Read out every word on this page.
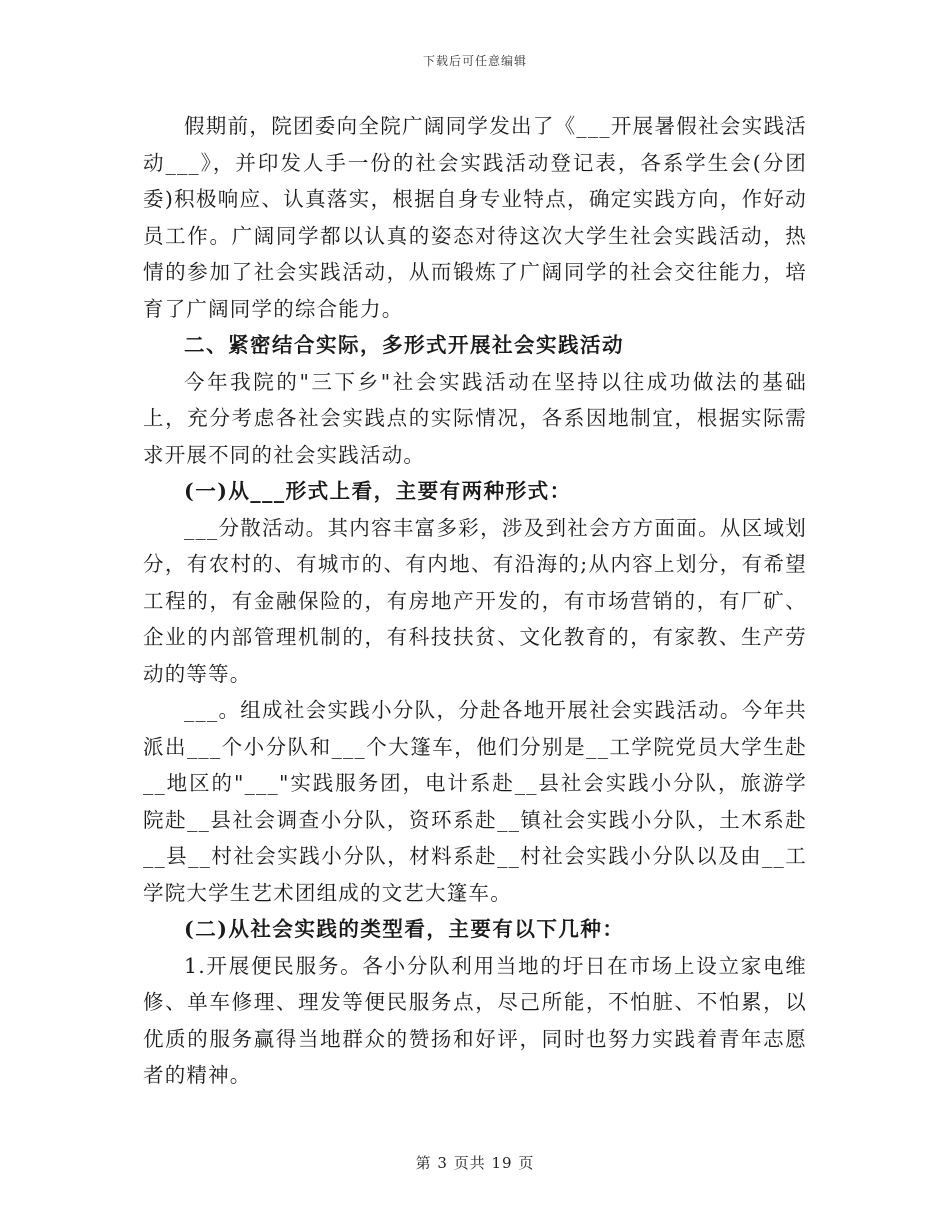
下载后可任意编辑

假期前，院团委向全院广阔同学发出了《___开展暑假社会实践活动___》，并印发人手一份的社会实践活动登记表，各系学生会(分团委)积极响应、认真落实，根据自身专业特点，确定实践方向，作好动员工作。广阔同学都以认真的姿态对待这次大学生社会实践活动，热情的参加了社会实践活动，从而锻炼了广阔同学的社会交往能力，培育了广阔同学的综合能力。

二、紧密结合实际，多形式开展社会实践活动

今年我院的"三下乡"社会实践活动在坚持以往成功做法的基础上，充分考虑各社会实践点的实际情况，各系因地制宜，根据实际需求开展不同的社会实践活动。

(一)从___形式上看，主要有两种形式：

___分散活动。其内容丰富多彩，涉及到社会方方面面。从区域划分，有农村的、有城市的、有内地、有沿海的;从内容上划分，有希望工程的，有金融保险的，有房地产开发的，有市场营销的，有厂矿、企业的内部管理机制的，有科技扶贫、文化教育的，有家教、生产劳动的等等。

___。组成社会实践小分队，分赴各地开展社会实践活动。今年共派出___个小分队和___个大篷车，他们分别是__工学院党员大学生赴__地区的"___"实践服务团，电计系赴__县社会实践小分队，旅游学院赴__县社会调查小分队，资环系赴__镇社会实践小分队，土木系赴__县__村社会实践小分队，材料系赴__村社会实践小分队以及由__工学院大学生艺术团组成的文艺大篷车。

(二)从社会实践的类型看，主要有以下几种：

1.开展便民服务。各小分队利用当地的圩日在市场上设立家电维修、单车修理、理发等便民服务点，尽己所能，不怕脏、不怕累，以优质的服务赢得当地群众的赞扬和好评，同时也努力实践着青年志愿者的精神。

第 3 页共 19 页
